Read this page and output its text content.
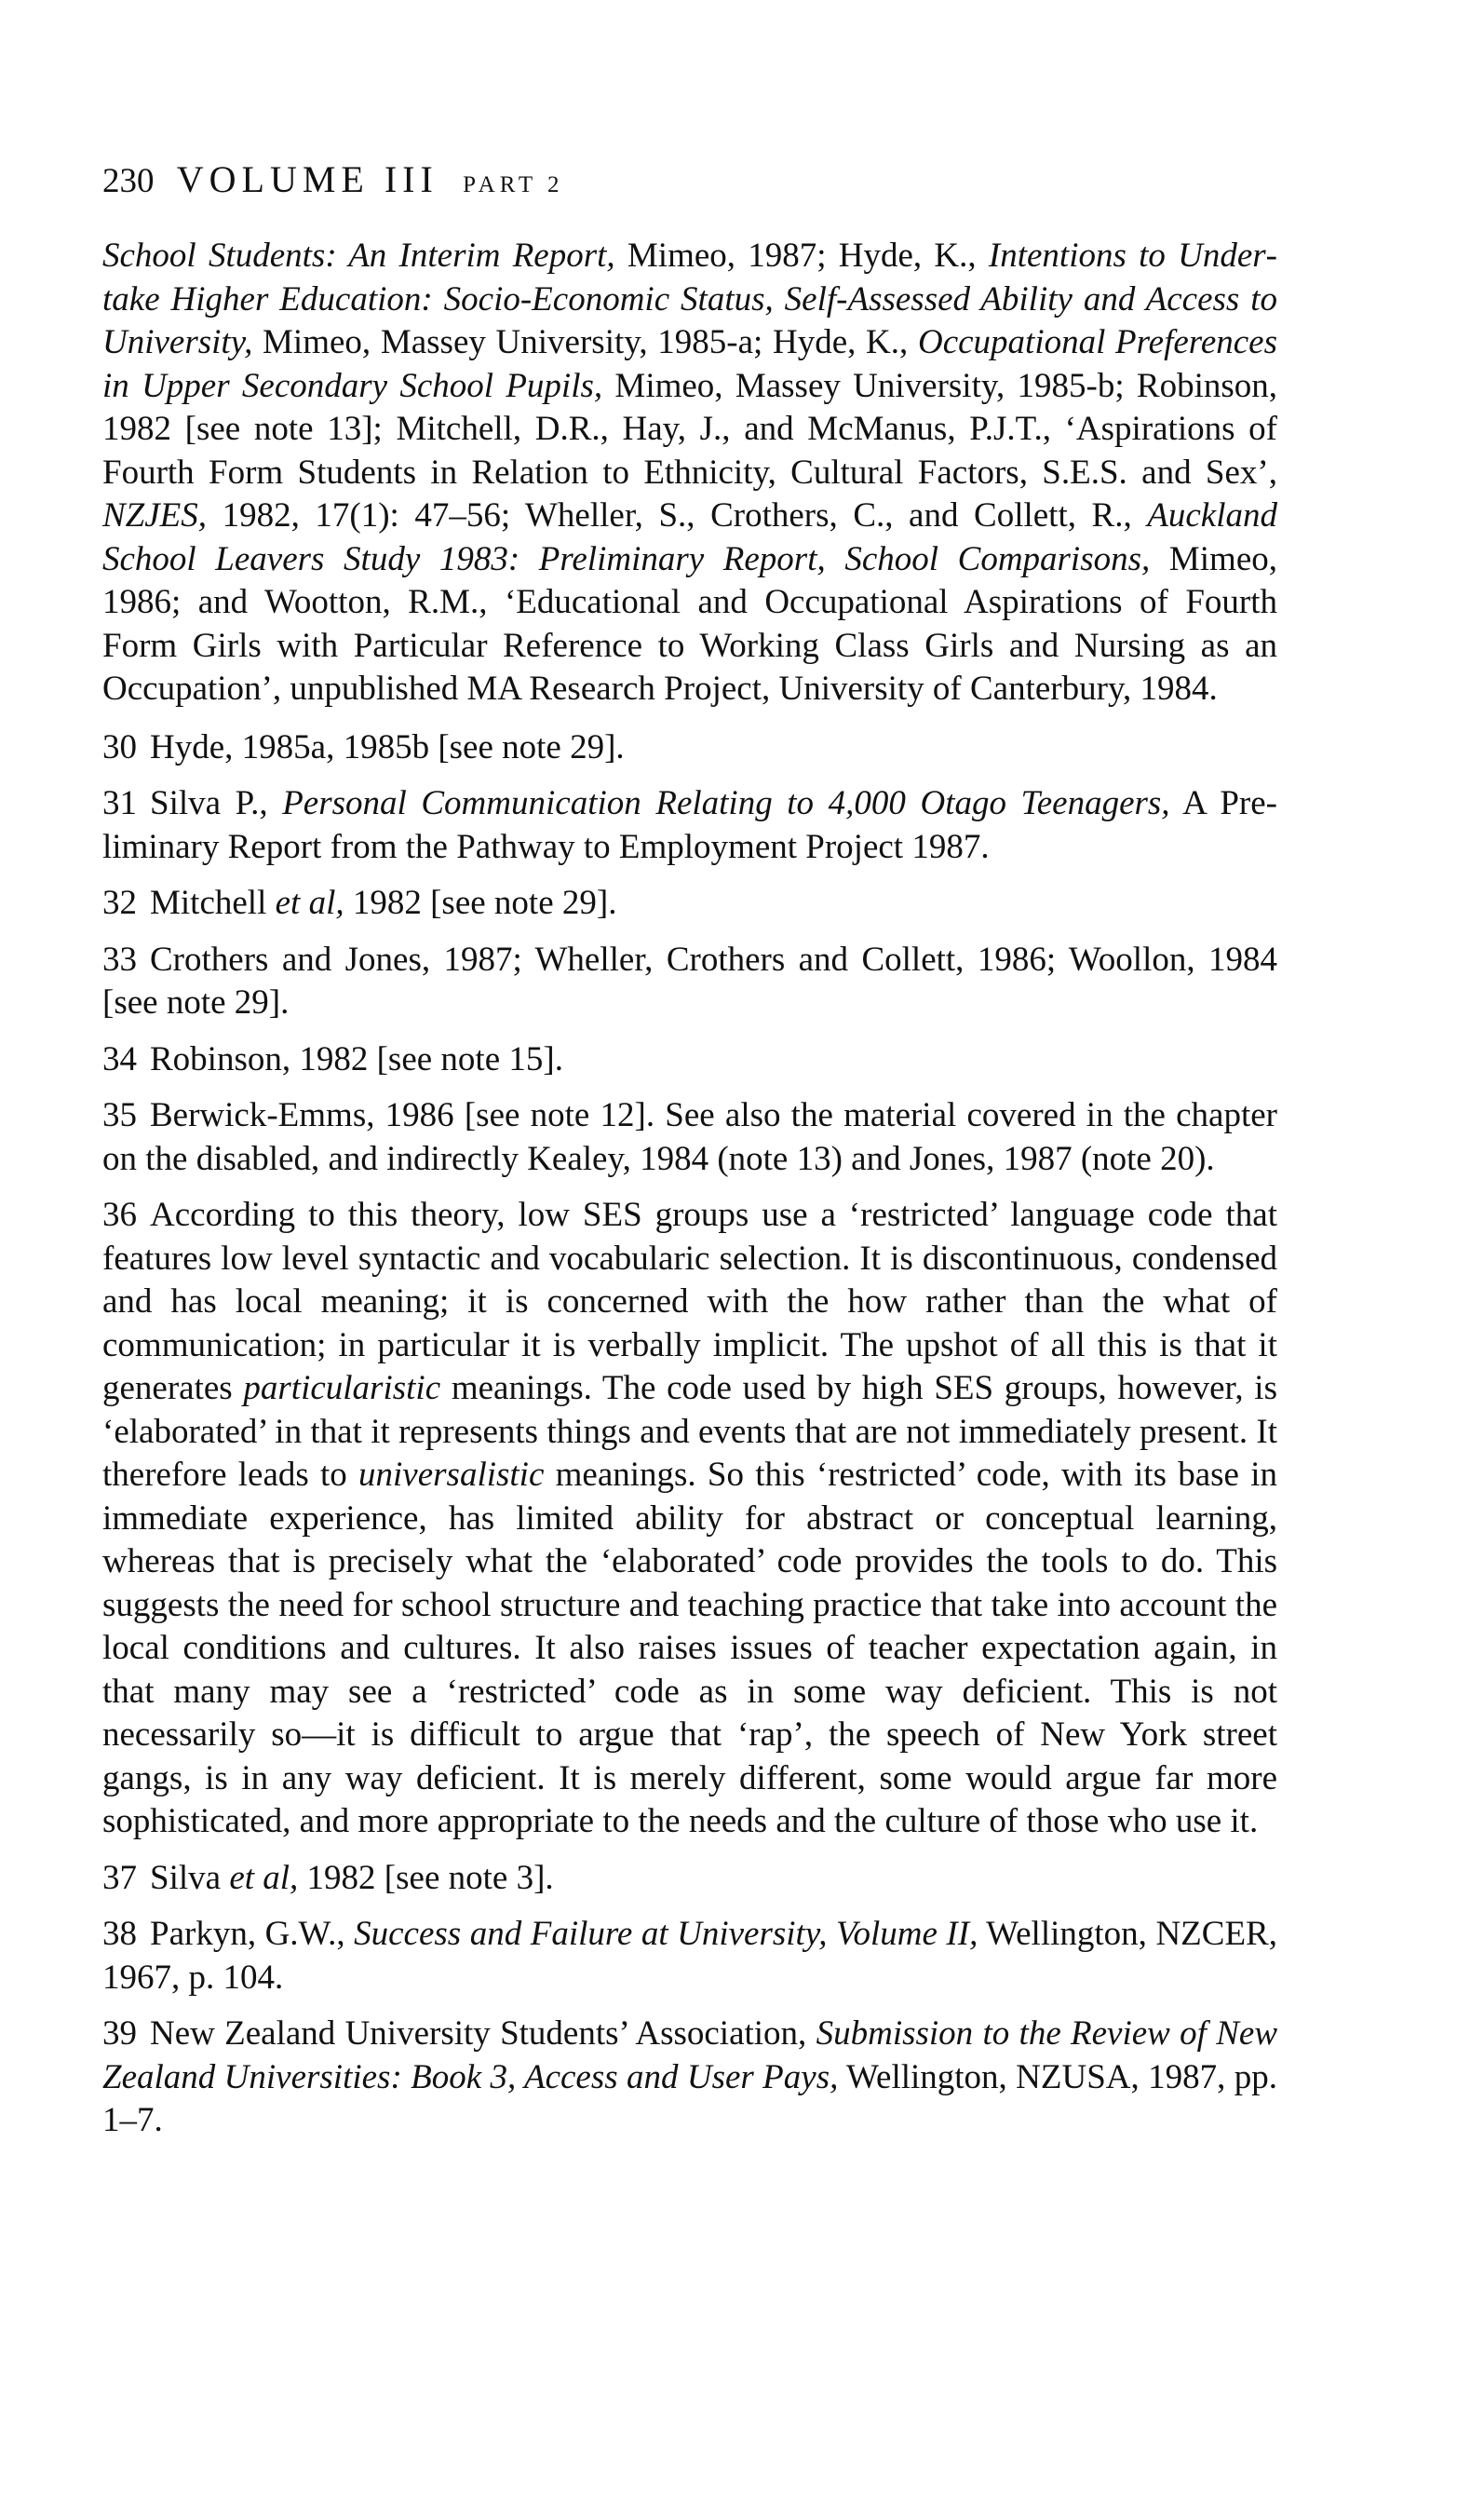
230 VOLUME III PART 2

School Students: An Interim Report, Mimeo, 1987; Hyde, K., Intentions to Undertake Higher Education: Socio-Economic Status, Self-Assessed Ability and Access to University, Mimeo, Massey University, 1985-a; Hyde, K., Occupational Preferences in Upper Secondary School Pupils, Mimeo, Massey University, 1985-b; Robinson, 1982 [see note 13]; Mitchell, D.R., Hay, J., and McManus, P.J.T., ‘Aspirations of Fourth Form Students in Relation to Ethnicity, Cultural Factors, S.E.S. and Sex’, NZJES, 1982, 17(1): 47–56; Wheller, S., Crothers, C., and Collett, R., Auckland School Leavers Study 1983: Preliminary Report, School Comparisons, Mimeo, 1986; and Wootton, R.M., ‘Educational and Occupational Aspirations of Fourth Form Girls with Particular Reference to Working Class Girls and Nursing as an Occupation’, unpublished MA Research Project, University of Canterbury, 1984.

30 Hyde, 1985a, 1985b [see note 29].

31 Silva P., Personal Communication Relating to 4,000 Otago Teenagers, A Preliminary Report from the Pathway to Employment Project 1987.

32 Mitchell et al, 1982 [see note 29].

33 Crothers and Jones, 1987; Wheller, Crothers and Collett, 1986; Woollon, 1984 [see note 29].

34 Robinson, 1982 [see note 15].

35 Berwick-Emms, 1986 [see note 12]. See also the material covered in the chapter on the disabled, and indirectly Kealey, 1984 (note 13) and Jones, 1987 (note 20).

36 According to this theory, low SES groups use a ‘restricted’ language code that features low level syntactic and vocabularic selection. It is discontinuous, condensed and has local meaning; it is concerned with the how rather than the what of communication; in particular it is verbally implicit. The upshot of all this is that it generates particularistic meanings. The code used by high SES groups, however, is ‘elaborated’ in that it represents things and events that are not immediately present. It therefore leads to universalistic meanings. So this ‘restricted’ code, with its base in immediate experience, has limited ability for abstract or conceptual learning, whereas that is precisely what the ‘elaborated’ code provides the tools to do. This suggests the need for school structure and teaching practice that take into account the local conditions and cultures. It also raises issues of teacher expectation again, in that many may see a ‘restricted’ code as in some way deficient. This is not necessarily so—it is difficult to argue that ‘rap’, the speech of New York street gangs, is in any way deficient. It is merely different, some would argue far more sophisticated, and more appropriate to the needs and the culture of those who use it.

37 Silva et al, 1982 [see note 3].

38 Parkyn, G.W., Success and Failure at University, Volume II, Wellington, NZCER, 1967, p. 104.

39 New Zealand University Students’ Association, Submission to the Review of New Zealand Universities: Book 3, Access and User Pays, Wellington, NZUSA, 1987, pp. 1–7.
